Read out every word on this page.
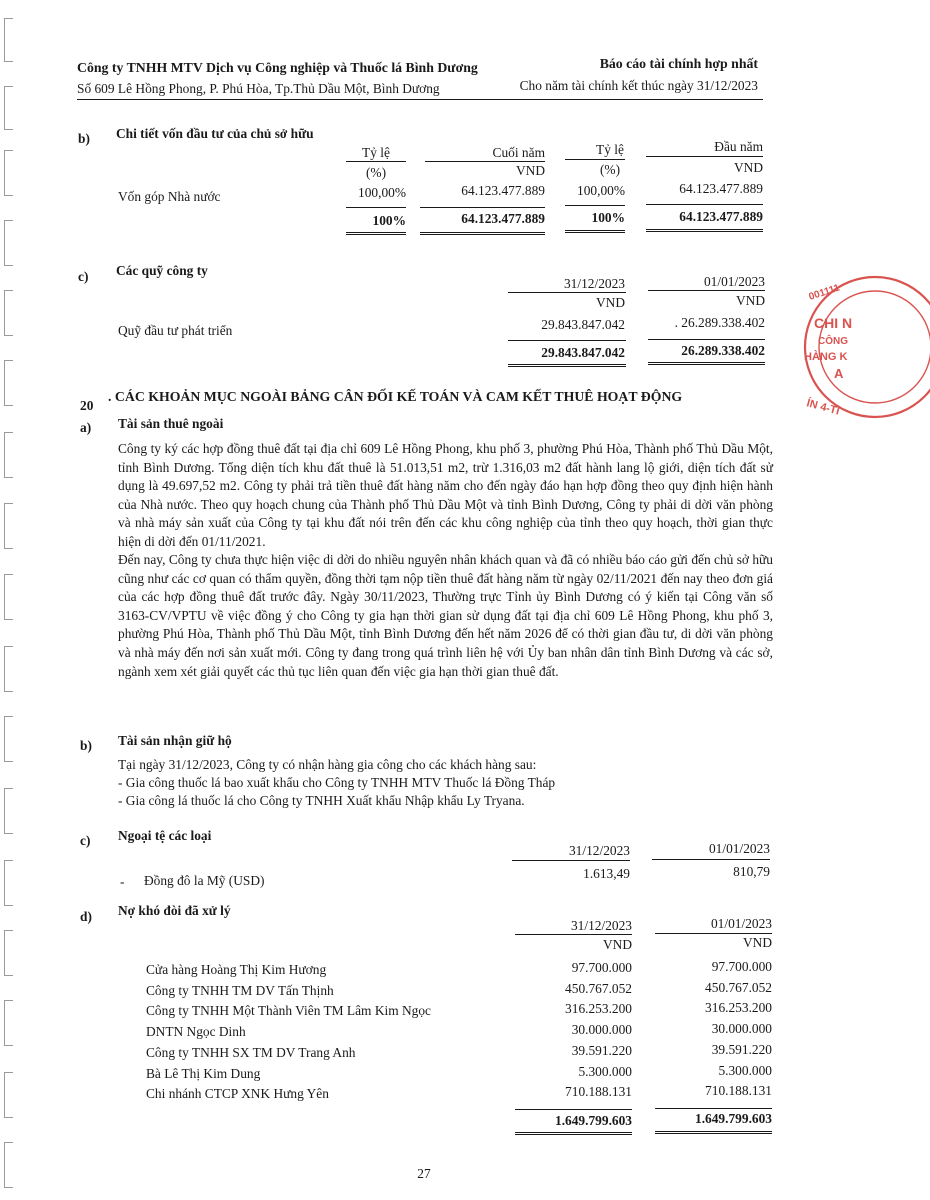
Công ty TNHH MTV Dịch vụ Công nghiệp và Thuốc lá Bình Dương
Số 609 Lê Hồng Phong, P. Phú Hòa, Tp.Thủ Dầu Một, Bình Dương
Báo cáo tài chính hợp nhất
Cho năm tài chính kết thúc ngày 31/12/2023
b) Chi tiết vốn đầu tư của chủ sở hữu
Tỷ lệ	Cuối năm	Tỷ lệ	Đầu năm
(%)	VND	(%)	VND
Vốn góp Nhà nước	100,00%	64.123.477.889	100,00%	64.123.477.889
100%	64.123.477.889	100%	64.123.477.889
c) Các quỹ công ty
31/12/2023	01/01/2023
VND	VND
Quỹ đầu tư phát triển	29.843.847.042	. 26.289.338.402
29.843.847.042	26.289.338.402
20
. CÁC KHOẢN MỤC NGOÀI BẢNG CÂN ĐỐI KẾ TOÁN VÀ CAM KẾT THUÊ HOẠT ĐỘNG
a) Tài sản thuê ngoài
Công ty ký các hợp đồng thuê đất tại địa chỉ 609 Lê Hồng Phong, khu phố 3, phường Phú Hòa, Thành phố Thủ Dầu Một, tỉnh Bình Dương. Tổng diện tích khu đất thuê là 51.013,51 m2, trừ 1.316,03 m2 đất hành lang lộ giới, diện tích đất sử dụng là 49.697,52 m2. Công ty phải trả tiền thuê đất hàng năm cho đến ngày đáo hạn hợp đồng theo quy định hiện hành của Nhà nước. Theo quy hoạch chung của Thành phố Thủ Dầu Một và tỉnh Bình Dương, Công ty phải di dời văn phòng và nhà máy sản xuất của Công ty tại khu đất nói trên đến các khu công nghiệp của tỉnh theo quy hoạch, thời gian thực hiện di dời đến 01/11/2021.
Đến nay, Công ty chưa thực hiện việc di dời do nhiều nguyên nhân khách quan và đã có nhiều báo cáo gửi đến chủ sở hữu cũng như các cơ quan có thẩm quyền, đồng thời tạm nộp tiền thuê đất hàng năm từ ngày 02/11/2021 đến nay theo đơn giá của các hợp đồng thuê đất trước đây. Ngày 30/11/2023, Thường trực Tỉnh ủy Bình Dương có ý kiến tại Công văn số 3163-CV/VPTU về việc đồng ý cho Công ty gia hạn thời gian sử dụng đất tại địa chỉ 609 Lê Hồng Phong, khu phố 3, phường Phú Hòa, Thành phố Thủ Dầu Một, tỉnh Bình Dương đến hết năm 2026 để có thời gian đầu tư, di dời văn phòng và nhà máy đến nơi sản xuất mới. Công ty đang trong quá trình liên hệ với Ủy ban nhân dân tỉnh Bình Dương và các sở, ngành xem xét giải quyết các thủ tục liên quan đến việc gia hạn thời gian thuê đất.
b) Tài sản nhận giữ hộ
Tại ngày 31/12/2023, Công ty có nhận hàng gia công cho các khách hàng sau:
- Gia công thuốc lá bao xuất khẩu cho Công ty TNHH MTV Thuốc lá Đồng Tháp
- Gia công lá thuốc lá cho Công ty TNHH Xuất khẩu Nhập khẩu Ly Tryana.
c) Ngoại tệ các loại
31/12/2023	01/01/2023
- Đồng đô la Mỹ (USD)	1.613,49	810,79
d) Nợ khó đòi đã xử lý
31/12/2023	01/01/2023
VND	VND
Cửa hàng Hoàng Thị Kim Hương	97.700.000	97.700.000
Công ty TNHH TM DV Tấn Thịnh	450.767.052	450.767.052
Công ty TNHH Một Thành Viên TM Lâm Kim Ngọc	316.253.200	316.253.200
DNTN Ngọc Dinh	30.000.000	30.000.000
Công ty TNHH SX TM DV Trang Anh	39.591.220	39.591.220
Bà Lê Thị Kim Dung	5.300.000	5.300.000
Chi nhánh CTCP XNK Hưng Yên	710.188.131	710.188.131
1.649.799.603	1.649.799.603
27
001111
CHI N
CÔNG
HÀNG K
A
ÍN 4-TI
